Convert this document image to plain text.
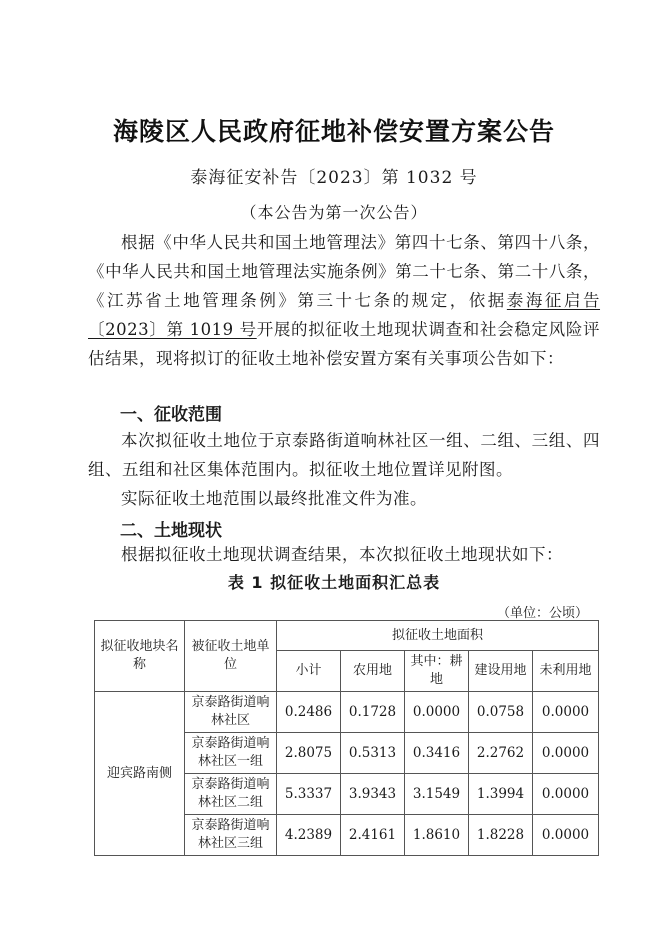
海陵区人民政府征地补偿安置方案公告
泰海征安补告〔2023〕第 1032 号
（本公告为第一次公告）
根据《中华人民共和国土地管理法》第四十七条、第四十八条，《中华人民共和国土地管理法实施条例》第二十七条、第二十八条，《江苏省土地管理条例》第三十七条的规定，依据泰海征启告〔2023〕第 1019 号开展的拟征收土地现状调查和社会稳定风险评估结果，现将拟订的征收土地补偿安置方案有关事项公告如下：
一、征收范围
本次拟征收土地位于京泰路街道响林社区一组、二组、三组、四组、五组和社区集体范围内。拟征收土地位置详见附图。
实际征收土地范围以最终批准文件为准。
二、土地现状
根据拟征收土地现状调查结果，本次拟征收土地现状如下：
表 1 拟征收土地面积汇总表
（单位：公顷）
拟征收地块名称	被征收土地单位	拟征收土地面积				
		小计	农用地	其中：耕地	建设用地	未利用地
迎宾路南侧	京泰路街道响林社区	0.2486	0.1728	0.0000	0.0758	0.0000
	京泰路街道响林社区一组	2.8075	0.5313	0.3416	2.2762	0.0000
	京泰路街道响林社区二组	5.3337	3.9343	3.1549	1.3994	0.0000
	京泰路街道响林社区三组	4.2389	2.4161	1.8610	1.8228	0.0000
